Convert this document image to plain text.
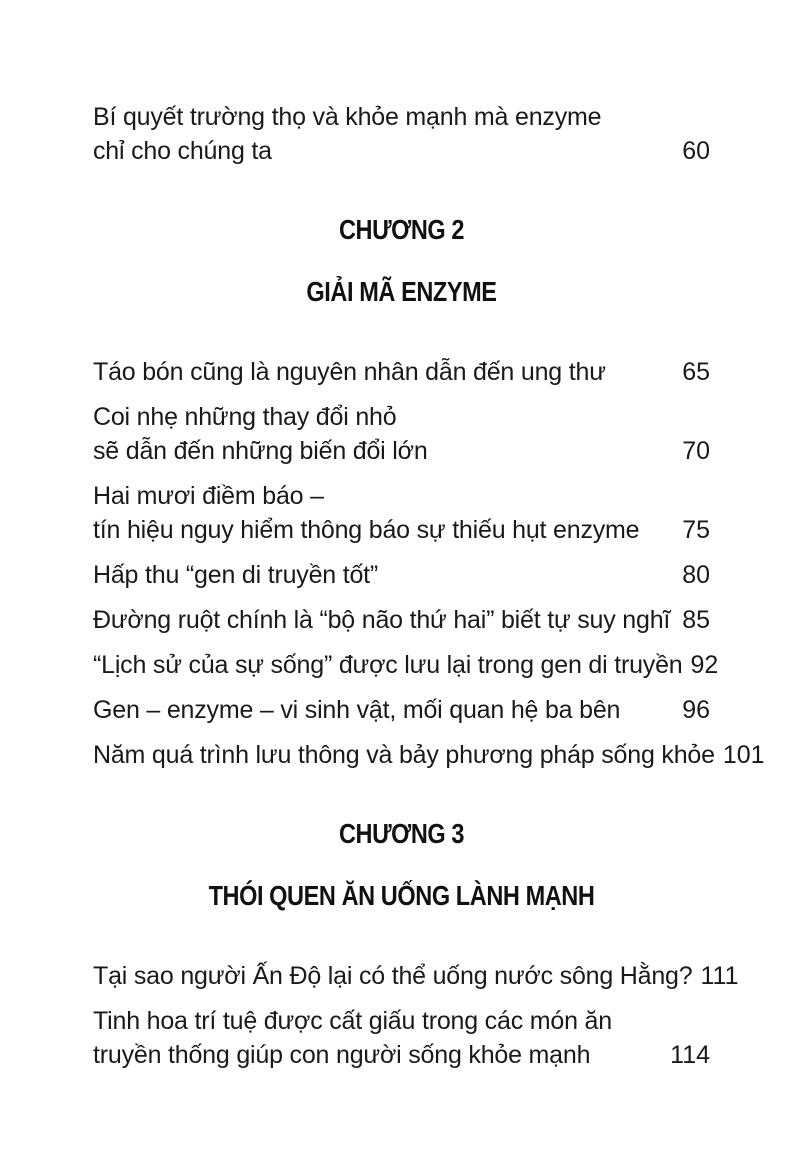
Bí quyết trường thọ và khỏe mạnh mà enzyme
chỉ cho chúng ta	60
CHƯƠNG 2
GIẢI MÃ ENZYME
Táo bón cũng là nguyên nhân dẫn đến ung thư	65
Coi nhẹ những thay đổi nhỏ
sẽ dẫn đến những biến đổi lớn	70
Hai mươi điềm báo –
tín hiệu nguy hiểm thông báo sự thiếu hụt enzyme	75
Hấp thu “gen di truyền tốt”	80
Đường ruột chính là “bộ não thứ hai” biết tự suy nghĩ 85
“Lịch sử của sự sống” được lưu lại trong gen di truyền 92
Gen – enzyme – vi sinh vật, mối quan hệ ba bên	96
Năm quá trình lưu thông và bảy phương pháp sống khỏe 101
CHƯƠNG 3
THÓI QUEN ĂN UỐNG LÀNH MẠNH
Tại sao người Ấn Độ lại có thể uống nước sông Hằng? 111
Tinh hoa trí tuệ được cất giấu trong các món ăn
truyền thống giúp con người sống khỏe mạnh	114
